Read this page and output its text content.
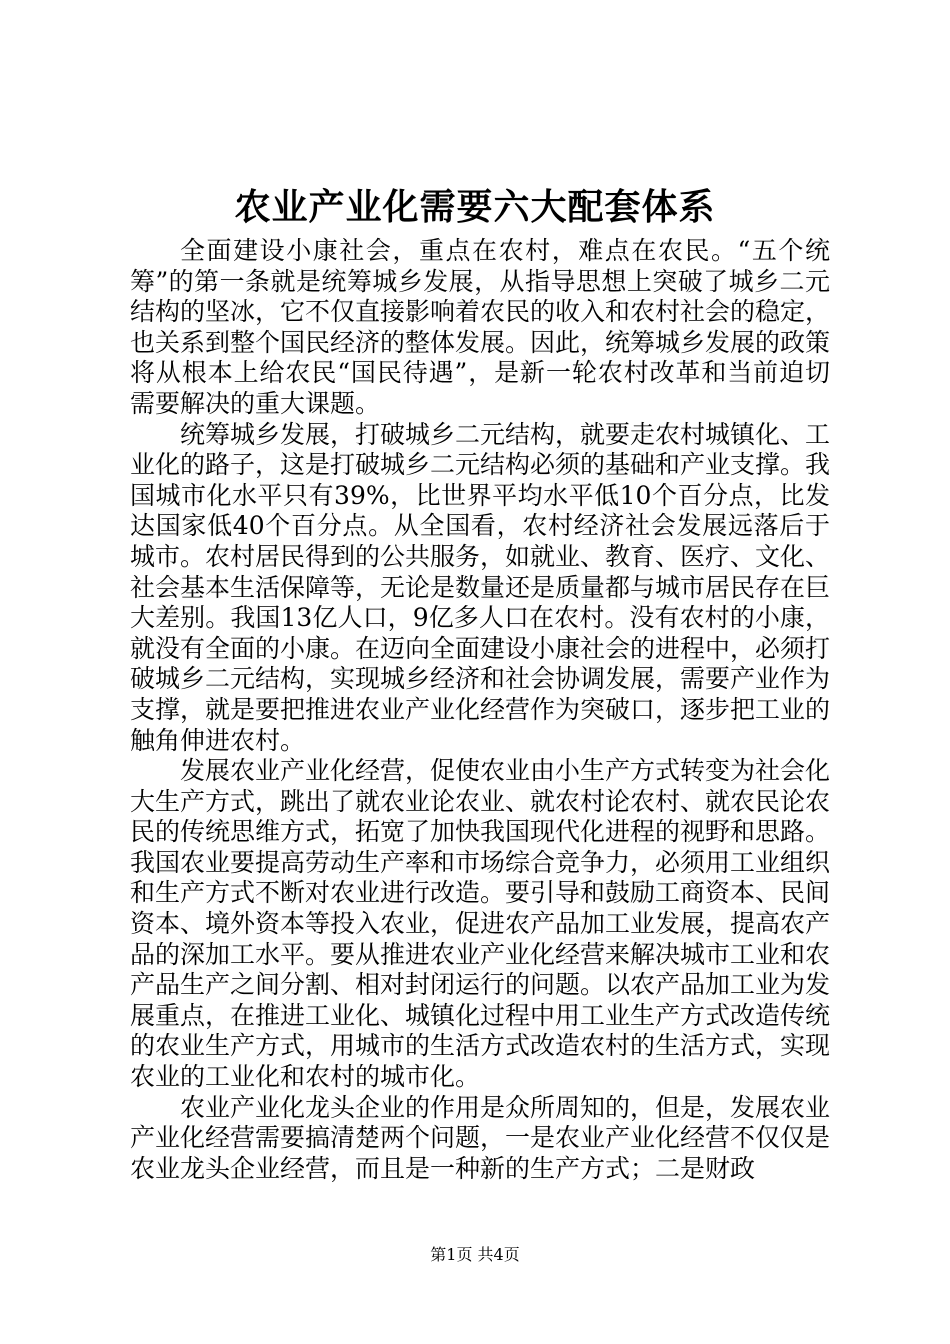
农业产业化需要六大配套体系

全面建设小康社会，重点在农村，难点在农民。“五个统筹”的第一条就是统筹城乡发展，从指导思想上突破了城乡二元结构的坚冰，它不仅直接影响着农民的收入和农村社会的稳定，也关系到整个国民经济的整体发展。因此，统筹城乡发展的政策将从根本上给农民“国民待遇”，是新一轮农村改革和当前迫切需要解决的重大课题。

统筹城乡发展，打破城乡二元结构，就要走农村城镇化、工业化的路子，这是打破城乡二元结构必须的基础和产业支撑。我国城市化水平只有39%，比世界平均水平低10个百分点，比发达国家低40个百分点。从全国看，农村经济社会发展远落后于城市。农村居民得到的公共服务，如就业、教育、医疗、文化、社会基本生活保障等，无论是数量还是质量都与城市居民存在巨大差别。我国13亿人口，9亿多人口在农村。没有农村的小康，就没有全面的小康。在迈向全面建设小康社会的进程中，必须打破城乡二元结构，实现城乡经济和社会协调发展，需要产业作为支撑，就是要把推进农业产业化经营作为突破口，逐步把工业的触角伸进农村。

发展农业产业化经营，促使农业由小生产方式转变为社会化大生产方式，跳出了就农业论农业、就农村论农村、就农民论农民的传统思维方式，拓宽了加快我国现代化进程的视野和思路。我国农业要提高劳动生产率和市场综合竞争力，必须用工业组织和生产方式不断对农业进行改造。要引导和鼓励工商资本、民间资本、境外资本等投入农业，促进农产品加工业发展，提高农产品的深加工水平。要从推进农业产业化经营来解决城市工业和农产品生产之间分割、相对封闭运行的问题。以农产品加工业为发展重点，在推进工业化、城镇化过程中用工业生产方式改造传统的农业生产方式，用城市的生活方式改造农村的生活方式，实现农业的工业化和农村的城市化。

农业产业化龙头企业的作用是众所周知的，但是，发展农业产业化经营需要搞清楚两个问题，一是农业产业化经营不仅仅是农业龙头企业经营，而且是一种新的生产方式；二是财政

第1页 共4页
